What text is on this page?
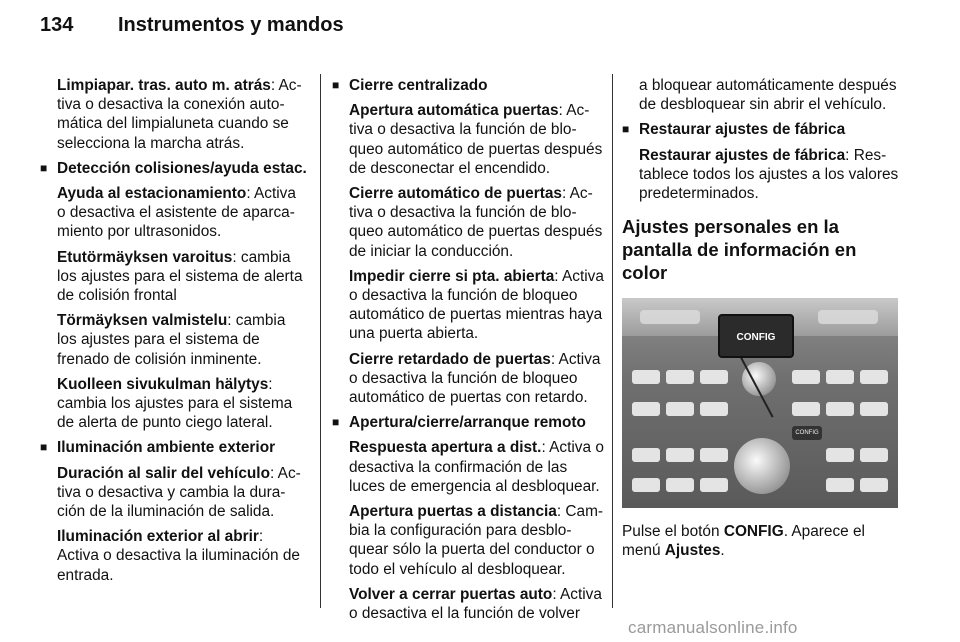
134 Instrumentos y mandos
Limpiapar. tras. auto m. atrás: Activa o desactiva la conexión automática del limpialuneta cuando se selecciona la marcha atrás.
■ Detección colisiones/ayuda estac.
Ayuda al estacionamiento: Activa o desactiva el asistente de aparcamiento por ultrasonidos.
Etutörmäyksen varoitus: cambia los ajustes para el sistema de alerta de colisión frontal
Törmäyksen valmistelu: cambia los ajustes para el sistema de frenado de colisión inminente.
Kuolleen sivukulman hälytys: cambia los ajustes para el sistema de alerta de punto ciego lateral.
■ Iluminación ambiente exterior
Duración al salir del vehículo: Activa o desactiva y cambia la duración de la iluminación de salida.
Iluminación exterior al abrir: Activa o desactiva la iluminación de entrada.
■ Cierre centralizado
Apertura automática puertas: Activa o desactiva la función de bloqueo automático de puertas después de desconectar el encendido.
Cierre automático de puertas: Activa o desactiva la función de bloqueo automático de puertas después de iniciar la conducción.
Impedir cierre si pta. abierta: Activa o desactiva la función de bloqueo automático de puertas mientras haya una puerta abierta.
Cierre retardado de puertas: Activa o desactiva la función de bloqueo automático de puertas con retardo.
■ Apertura/cierre/arranque remoto
Respuesta apertura a dist.: Activa o desactiva la confirmación de las luces de emergencia al desbloquear.
Apertura puertas a distancia: Cambia la configuración para desbloquear sólo la puerta del conductor o todo el vehículo al desbloquear.
Volver a cerrar puertas auto: Activa o desactiva el la función de volver
a bloquear automáticamente después de desbloquear sin abrir el vehículo.
■ Restaurar ajustes de fábrica
Restaurar ajustes de fábrica: Restablece todos los ajustes a los valores predeterminados.
Ajustes personales en la pantalla de información en color
CONFIG
CONFIG
Pulse el botón CONFIG. Aparece el menú Ajustes.
carmanualsonline.info
